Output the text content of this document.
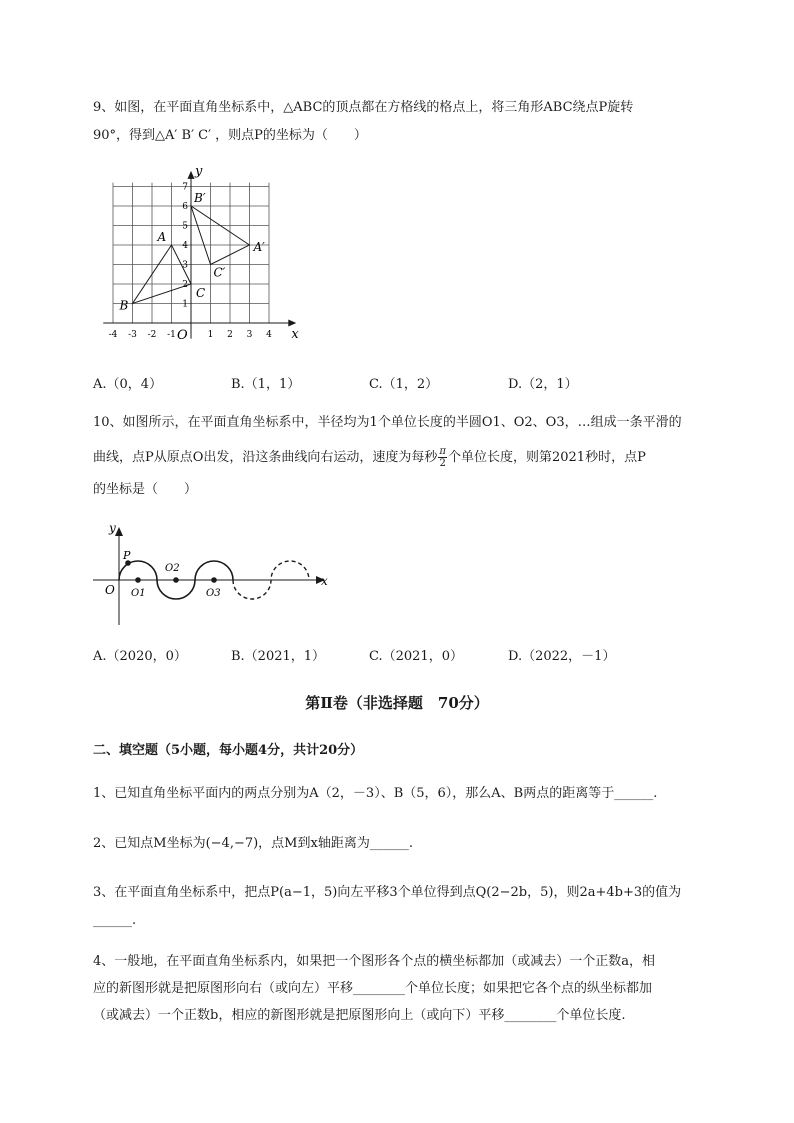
9、如图，在平面直角坐标系中，△ABC的顶点都在方格线的格点上，将三角形ABC绕点P旋转
90°，得到△A′ B′ C′ ，则点P的坐标为（　　）
x
y
O
-4 -3 -2 -1	1 2 3 4
1
2
3
4
5
6
7
A
B
C
A′
B′
C′
A.（0，4）	B.（1，1）	C.（1，2）	D.（2，1）
10、如图所示，在平面直角坐标系中，半径均为1个单位长度的半圆O1、O2、O3，…组成一条平滑的
曲线，点P从原点O出发，沿这条曲线向右运动，速度为每秒 $\frac{\pi}{2}$ 个单位长度，则第2021秒时，点P
的坐标是（　　）
x
y
O
P
O1
O2
O3
A.（2020，0）	B.（2021，1）	C.（2021，0）	D.（2022，－1）
第Ⅱ卷（非选择题　70分）
二、填空题（5小题，每小题4分，共计20分）
1、已知直角坐标平面内的两点分别为A（2，－3）、B（5，6），那么A、B两点的距离等于______.
2、已知点M坐标为(−4,−7)，点M到x轴距离为______.
3、在平面直角坐标系中，把点P(a−1，5)向左平移3个单位得到点Q(2−2b，5)，则2a+4b+3的值为
______.
4、一般地，在平面直角坐标系内，如果把一个图形各个点的横坐标都加（或减去）一个正数a，相
应的新图形就是把原图形向右（或向左）平移________个单位长度；如果把它各个点的纵坐标都加
（或减去）一个正数b，相应的新图形就是把原图形向上（或向下）平移________个单位长度.
